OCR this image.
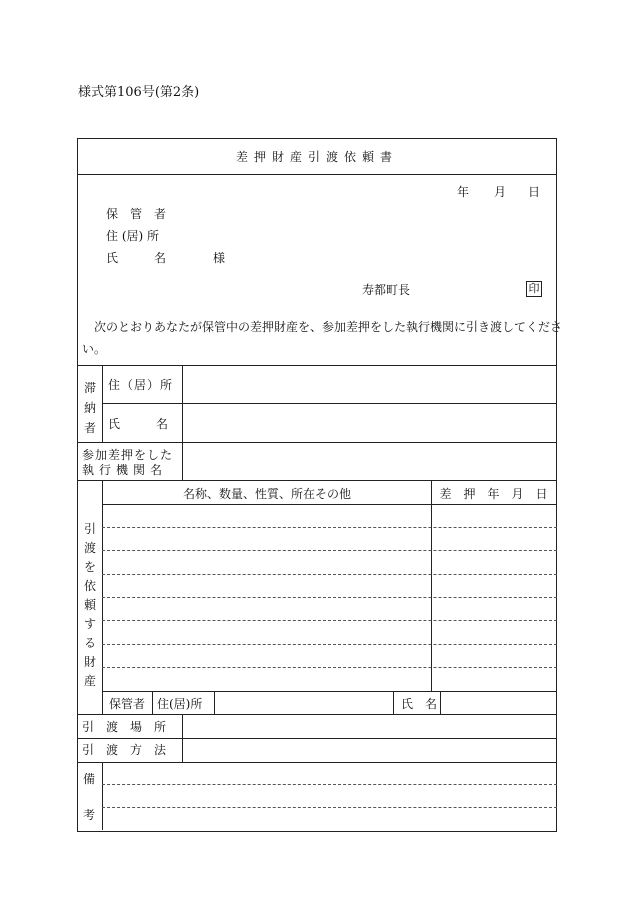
様式第106号(第2条)
差押財産引渡依頼書
年 月 日
保　管　者
住 (居) 所
氏　　　名	様
寿都町長	印
次のとおりあなたが保管中の差押財産を、参加差押をした執行機関に引き渡してくださ
い。
滞
納
者
住（居）所
氏　　　名
参加差押をした
執行機関名
引
渡
を
依
頼
す
る
財
産
名称、数量、性質、所在その他	差　押　年　月　日
保管者 住(居)所	氏　名
引　渡　場　所
引　渡　方　法
備
考
